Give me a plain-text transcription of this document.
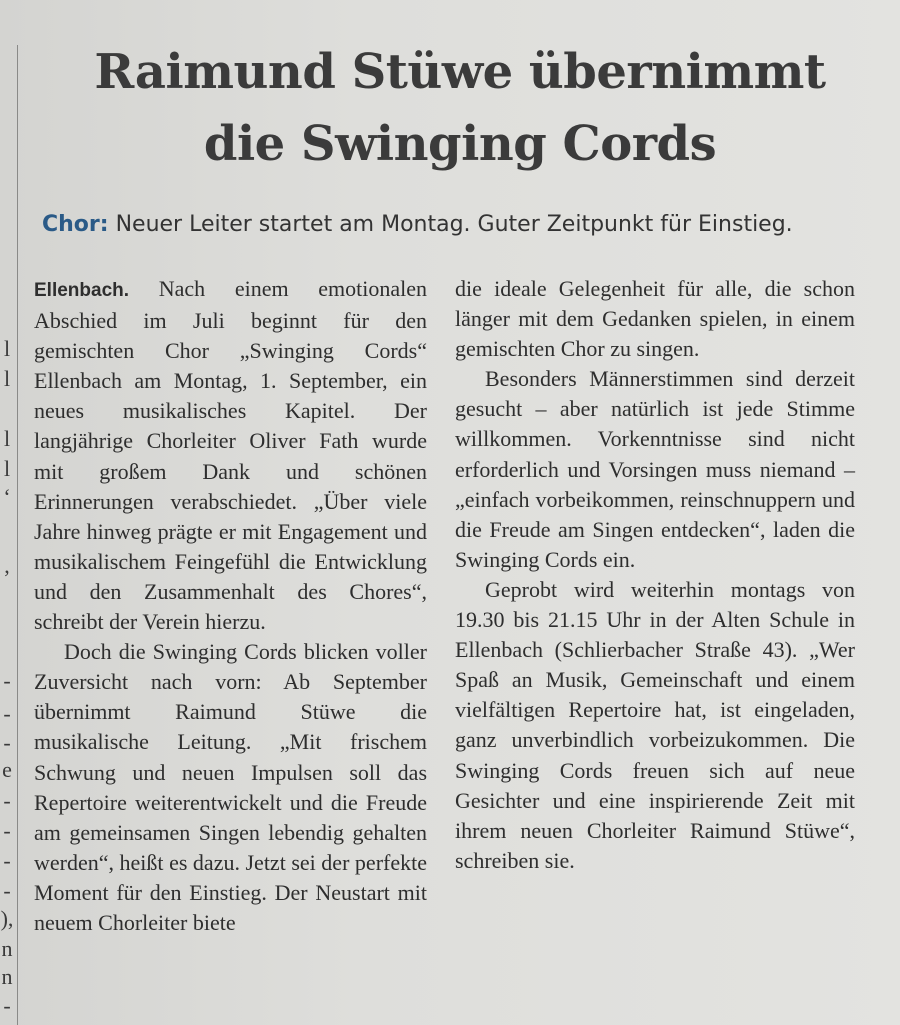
l
l
l
l
‘
,
-
-
-
e
-
-
-
-
),
n
n
-
Raimund Stüwe übernimmt
die Swinging Cords
Chor: Neuer Leiter startet am Montag. Guter Zeitpunkt für Einstieg.

Ellenbach. Nach einem emotionalen Abschied im Juli beginnt für den gemischten Chor „Swinging Cords“ Ellenbach am Montag, 1. September, ein neues musikalisches Kapitel. Der langjährige Chorleiter Oliver Fath wurde mit großem Dank und schönen Erinnerungen verabschiedet. „Über viele Jahre hinweg prägte er mit Engagement und musikalischem Feingefühl die Entwicklung und den Zusammenhalt des Chores“, schreibt der Verein hierzu.

Doch die Swinging Cords blicken voller Zuversicht nach vorn: Ab September übernimmt Raimund Stüwe die musikalische Leitung. „Mit frischem Schwung und neuen Impulsen soll das Repertoire weiterentwickelt und die Freude am gemeinsamen Singen lebendig gehalten werden“, heißt es dazu. Jetzt sei der perfekte Moment für den Einstieg. Der Neustart mit neuem Chorleiter biete

die ideale Gelegenheit für alle, die schon länger mit dem Gedanken spielen, in einem gemischten Chor zu singen.

Besonders Männerstimmen sind derzeit gesucht – aber natürlich ist jede Stimme willkommen. Vorkenntnisse sind nicht erforderlich und Vorsingen muss niemand – „einfach vorbeikommen, reinschnuppern und die Freude am Singen entdecken“, laden die Swinging Cords ein.

Geprobt wird weiterhin montags von 19.30 bis 21.15 Uhr in der Alten Schule in Ellenbach (Schlierbacher Straße 43). „Wer Spaß an Musik, Gemeinschaft und einem vielfältigen Repertoire hat, ist eingeladen, ganz unverbindlich vorbeizukommen. Die Swinging Cords freuen sich auf neue Gesichter und eine inspirierende Zeit mit ihrem neuen Chorleiter Raimund Stüwe“, schreiben sie.
